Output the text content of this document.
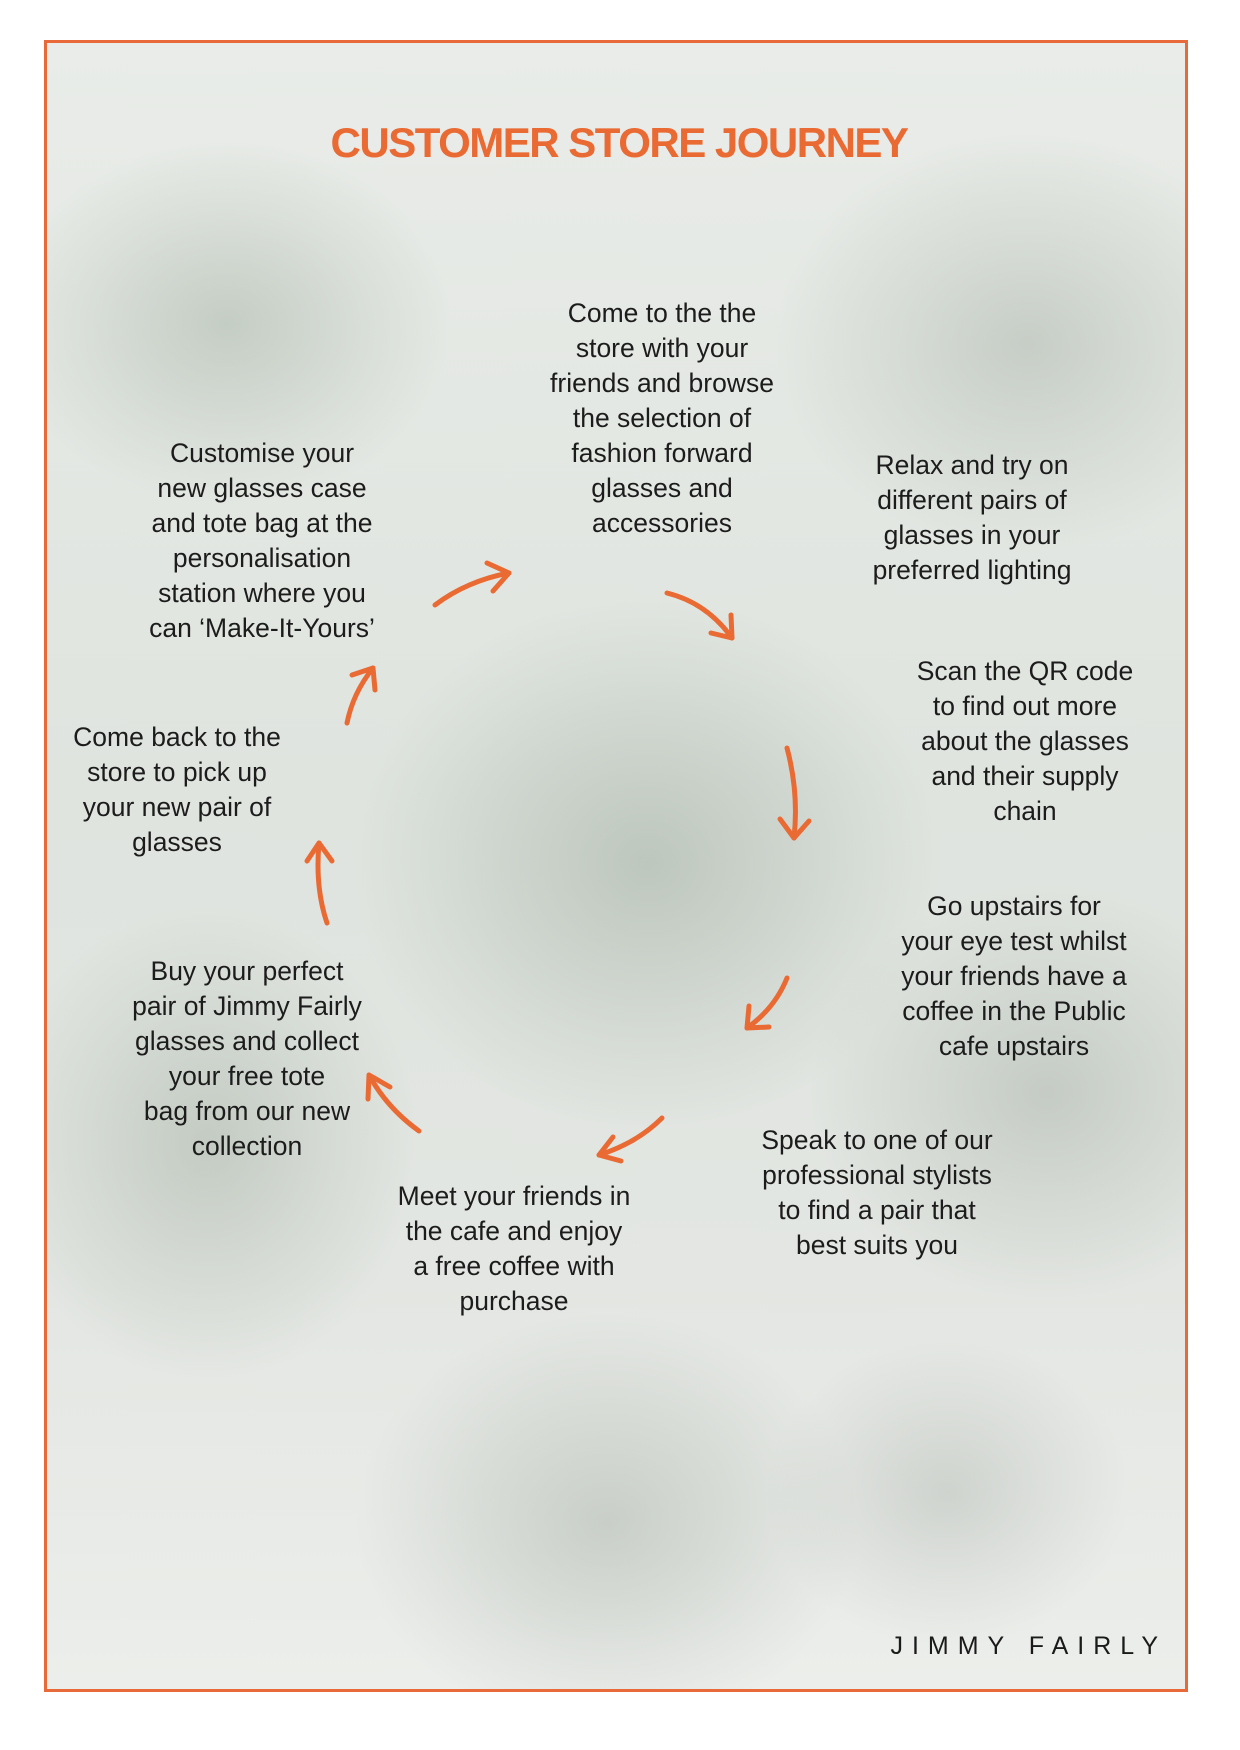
CUSTOMER STORE JOURNEY

Come to the the
store with your
friends and browse
the selection of
fashion forward
glasses and
accessories

Relax and try on
different pairs of
glasses in your
preferred lighting

Scan the QR code
to find out more
about the glasses
and their supply
chain

Go upstairs for
your eye test whilst
your friends have a
coffee in the Public
cafe upstairs

Speak to one of our
professional stylists
to find a pair that
best suits you

Meet your friends in
the cafe and enjoy
a free coffee with
purchase

Buy your perfect
pair of Jimmy Fairly
glasses and collect
your free tote
bag from our new
collection

Come back to the
store to pick up
your new pair of
glasses

Customise your
new glasses case
and tote bag at the
personalisation
station where you
can ‘Make-It-Yours’

JIMMY FAIRLY
